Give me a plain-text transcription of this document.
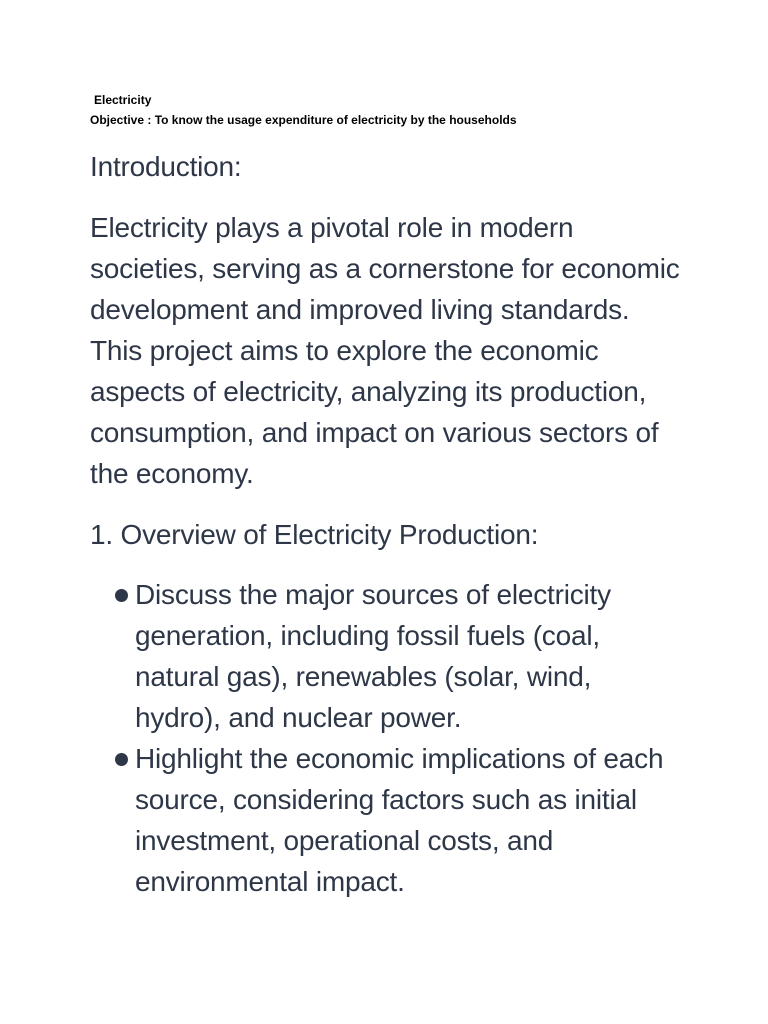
Electricity
Objective : To know the usage expenditure of electricity by the households
Introduction:
Electricity plays a pivotal role in modern societies, serving as a cornerstone for economic development and improved living standards. This project aims to explore the economic aspects of electricity, analyzing its production, consumption, and impact on various sectors of the economy.
1. Overview of Electricity Production:
Discuss the major sources of electricity generation, including fossil fuels (coal, natural gas), renewables (solar, wind, hydro), and nuclear power.
Highlight the economic implications of each source, considering factors such as initial investment, operational costs, and environmental impact.
